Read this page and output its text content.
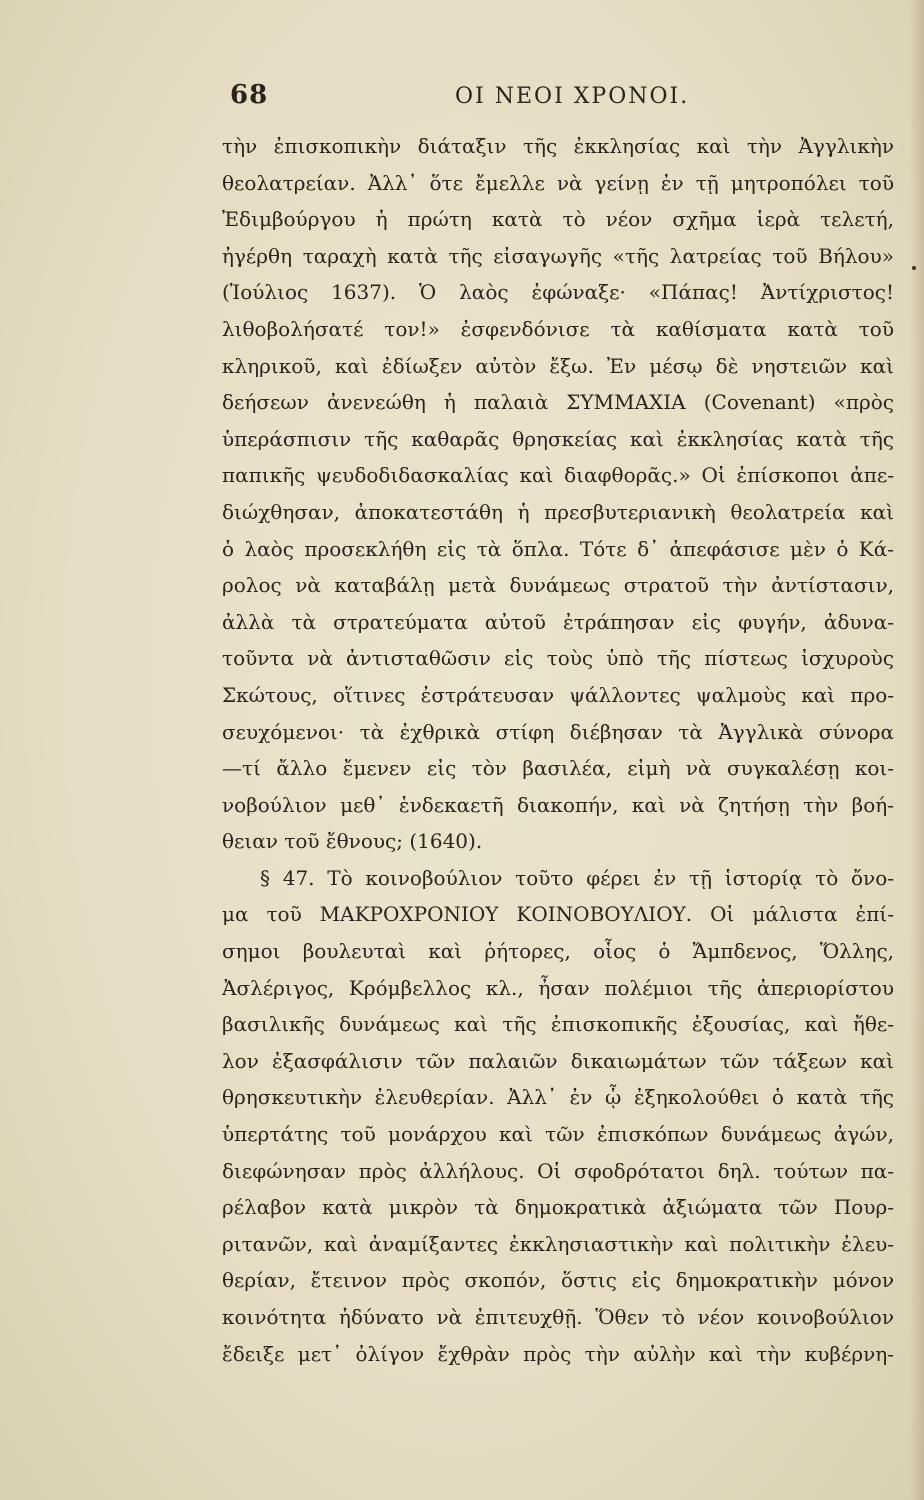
68	ΟΙ ΝΕΟΙ ΧΡΟΝΟΙ.
τὴν ἐπισκοπικὴν διάταξιν τῆς ἐκκλησίας καὶ τὴν Ἀγγλικὴν
θεολατρείαν. Ἀλλ᾽ ὅτε ἔμελλε νὰ γείνῃ ἐν τῇ μητροπόλει τοῦ
Ἐδιμβούργου ἡ πρώτη κατὰ τὸ νέον σχῆμα ἱερὰ τελετή,
ἠγέρθη ταραχὴ κατὰ τῆς εἰσαγωγῆς «τῆς λατρείας τοῦ Βήλου»
(Ἰούλιος 1637). Ὁ λαὸς ἐφώναξε· «Πάπας! Ἀντίχριστος!
λιθοβολήσατέ τον!» ἐσφενδόνισε τὰ καθίσματα κατὰ τοῦ
κληρικοῦ, καὶ ἐδίωξεν αὐτὸν ἔξω. Ἐν μέσῳ δὲ νηστειῶν καὶ
δεήσεων ἀνενεώθη ἡ παλαιὰ ΣΥΜΜΑΧΙΑ (Covenant) «πρὸς
ὑπεράσπισιν τῆς καθαρᾶς θρησκείας καὶ ἐκκλησίας κατὰ τῆς
παπικῆς ψευδοδιδασκαλίας καὶ διαφθορᾶς.» Οἱ ἐπίσκοποι ἀπε-
διώχθησαν, ἀποκατεστάθη ἡ πρεσβυτεριανικὴ θεολατρεία καὶ
ὁ λαὸς προσεκλήθη εἰς τὰ ὅπλα. Τότε δ᾽ ἀπεφάσισε μὲν ὁ Κά-
ρολος νὰ καταβάλῃ μετὰ δυνάμεως στρατοῦ τὴν ἀντίστασιν,
ἀλλὰ τὰ στρατεύματα αὐτοῦ ἐτράπησαν εἰς φυγήν, ἀδυνα-
τοῦντα νὰ ἀντισταθῶσιν εἰς τοὺς ὑπὸ τῆς πίστεως ἰσχυροὺς
Σκώτους, οἵτινες ἐστράτευσαν ψάλλοντες ψαλμοὺς καὶ προ-
σευχόμενοι· τὰ ἐχθρικὰ στίφη διέβησαν τὰ Ἀγγλικὰ σύνορα
—τί ἄλλο ἔμενεν εἰς τὸν βασιλέα, εἰμὴ νὰ συγκαλέσῃ κοι-
νοβούλιον μεθ᾽ ἑνδεκαετῆ διακοπήν, καὶ νὰ ζητήσῃ τὴν βοή-
θειαν τοῦ ἔθνους; (1640).
§ 47. Τὸ κοινοβούλιον τοῦτο φέρει ἐν τῇ ἱστορίᾳ τὸ ὄνο-
μα τοῦ ΜΑΚΡΟΧΡΟΝΙΟΥ ΚΟΙΝΟΒΟΥΛΙΟΥ. Οἱ μάλιστα ἐπί-
σημοι βουλευταὶ καὶ ῥήτορες, οἷος ὁ Ἄμπδενος, Ὅλλης,
Ἀσλέριγος, Κρόμβελλος κλ., ἦσαν πολέμιοι τῆς ἀπεριορίστου
βασιλικῆς δυνάμεως καὶ τῆς ἐπισκοπικῆς ἐξουσίας, καὶ ἤθε-
λον ἐξασφάλισιν τῶν παλαιῶν δικαιωμάτων τῶν τάξεων καὶ
θρησκευτικὴν ἐλευθερίαν. Ἀλλ᾽ ἐν ᾧ ἐξηκολούθει ὁ κατὰ τῆς
ὑπερτάτης τοῦ μονάρχου καὶ τῶν ἐπισκόπων δυνάμεως ἀγών,
διεφώνησαν πρὸς ἀλλήλους. Οἱ σφοδρότατοι δηλ. τούτων πα-
ρέλαβον κατὰ μικρὸν τὰ δημοκρατικὰ ἀξιώματα τῶν Πουρ-
ριτανῶν, καὶ ἀναμίξαντες ἐκκλησιαστικὴν καὶ πολιτικὴν ἐλευ-
θερίαν, ἔτεινον πρὸς σκοπόν, ὅστις εἰς δημοκρατικὴν μόνον
κοινότητα ἠδύνατο νὰ ἐπιτευχθῇ. Ὅθεν τὸ νέον κοινοβούλιον
ἔδειξε μετ᾽ ὀλίγον ἔχθρὰν πρὸς τὴν αὐλὴν καὶ τὴν κυβέρνη-
